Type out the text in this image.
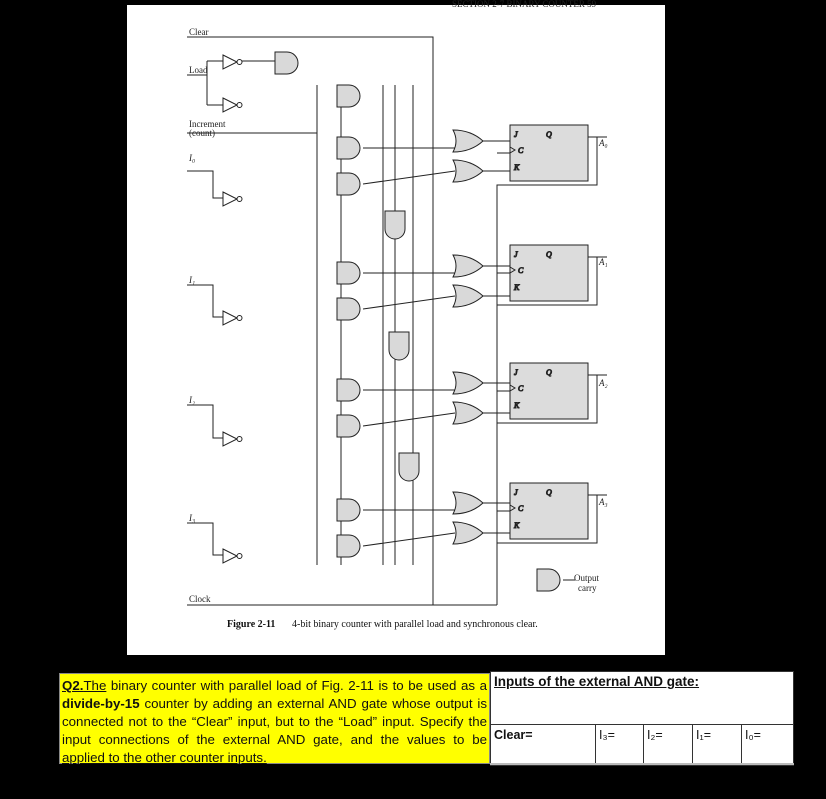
SECTION 2-7 BINARY COUNTER 59
Clear
Load
Increment
(count)
I₀
I₁
I₂
I₃
Clock
A₀
A₁
A₂
A₃
Output
carry
Figure 2-11 4-bit binary counter with parallel load and synchronous clear.
J
C
K
Q
J
C
K
Q
J
C
K
Q
J
C
K
Q
Q2.The binary counter with parallel load of Fig. 2-11 is to be used as a divide-by-15 counter by adding an external AND gate whose output is connected not to the “Clear” input, but to the “Load” input. Specify the input connections of the external AND gate, and the values to be applied to the other counter inputs.
Inputs of the external AND gate:
Clear=	I₃=	I₂=	I₁=	I₀=
